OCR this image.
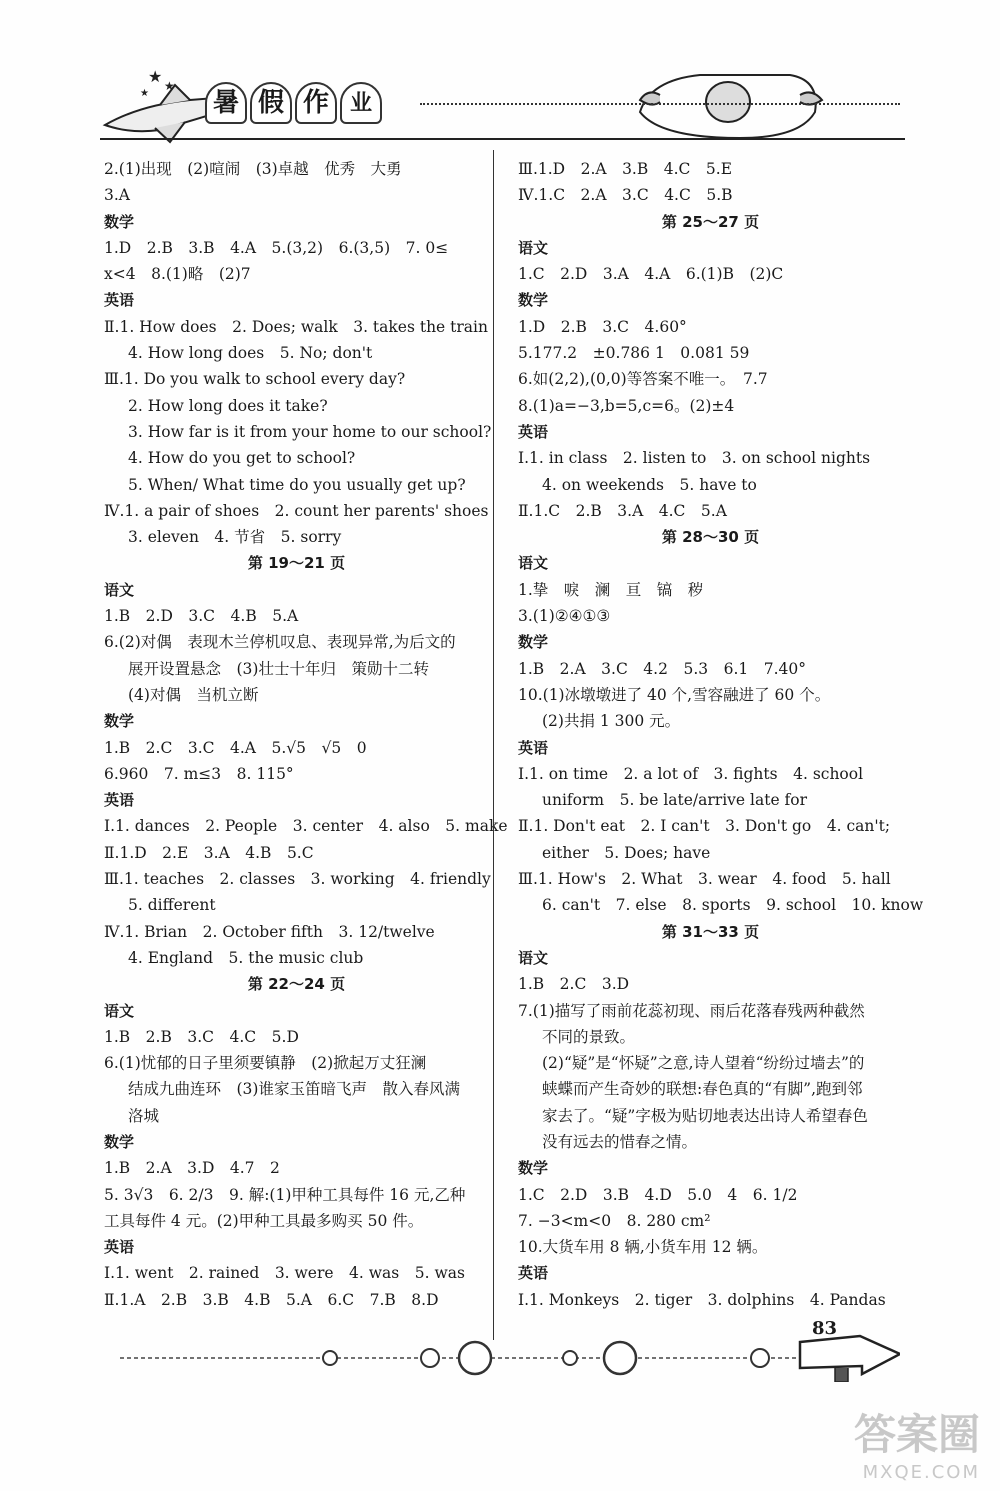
★ ★
★	暑 假 作 业
2.(1)出现　(2)喧闹　(3)卓越　优秀　大勇
3.A
数学
1.D　2.B　3.B　4.A　5.(3,2)　6.(3,5)　7. 0≤
x<4　8.(1)略　(2)7
英语
Ⅱ.1. How does　2. Does; walk　3. takes the train
4. How long does　5. No; don't
Ⅲ.1. Do you walk to school every day?
2. How long does it take?
3. How far is it from your home to our school?
4. How do you get to school?
5. When/ What time do you usually get up?
Ⅳ.1. a pair of shoes　2. count her parents' shoes
3. eleven　4. 节省　5. sorry
第 19～21 页
语文
1.B　2.D　3.C　4.B　5.A
6.(2)对偶　表现木兰停机叹息、表现异常,为后文的
展开设置悬念　(3)壮士十年归　策勋十二转
(4)对偶　当机立断
数学
1.B　2.C　3.C　4.A　5.√5　√5　0
6.960　7. m≤3　8. 115°
英语
Ⅰ.1. dances　2. People　3. center　4. also　5. make
Ⅱ.1.D　2.E　3.A　4.B　5.C
Ⅲ.1. teaches　2. classes　3. working　4. friendly
5. different
Ⅳ.1. Brian　2. October fifth　3. 12/twelve
4. England　5. the music club
第 22～24 页
语文
1.B　2.B　3.C　4.C　5.D
6.(1)忧郁的日子里须要镇静　(2)掀起万丈狂澜
结成九曲连环　(3)谁家玉笛暗飞声　散入春风满
洛城
数学
1.B　2.A　3.D　4.7　2
5. 3√3　6. 2/3　9. 解:(1)甲种工具每件 16 元,乙种
工具每件 4 元。(2)甲种工具最多购买 50 件。
英语
Ⅰ.1. went　2. rained　3. were　4. was　5. was
Ⅱ.1.A　2.B　3.B　4.B　5.A　6.C　7.B　8.D
Ⅲ.1.D　2.A　3.B　4.C　5.E
Ⅳ.1.C　2.A　3.C　4.C　5.B
第 25～27 页
语文
1.C　2.D　3.A　4.A　6.(1)B　(2)C
数学
1.D　2.B　3.C　4.60°
5.177.2　±0.786 1　0.081 59
6.如(2,2),(0,0)等答案不唯一。　7.7
8.(1)a=−3,b=5,c=6。(2)±4
英语
Ⅰ.1. in class　2. listen to　3. on school nights
4. on weekends　5. have to
Ⅱ.1.C　2.B　3.A　4.C　5.A
第 28～30 页
语文
1.挚　唳　澜　亘　镐　秽
3.(1)②④①③
数学
1.B　2.A　3.C　4.2　5.3　6.1　7.40°
10.(1)冰墩墩进了 40 个,雪容融进了 60 个。
(2)共捐 1 300 元。
英语
Ⅰ.1. on time　2. a lot of　3. fights　4. school
uniform　5. be late/arrive late for
Ⅱ.1. Don't eat　2. I can't　3. Don't go　4. can't;
either　5. Does; have
Ⅲ.1. How's　2. What　3. wear　4. food　5. hall
6. can't　7. else　8. sports　9. school　10. know
第 31～33 页
语文
1.B　2.C　3.D
7.(1)描写了雨前花蕊初现、雨后花落春残两种截然
不同的景致。
(2)“疑”是“怀疑”之意,诗人望着“纷纷过墙去”的
蛱蝶而产生奇妙的联想:春色真的“有脚”,跑到邻
家去了。“疑”字极为贴切地表达出诗人希望春色
没有远去的惜春之情。
数学
1.C　2.D　3.B　4.D　5.0　4　6. 1/2
7. −3<m<0　8. 280 cm²
10.大货车用 8 辆,小货车用 12 辆。
英语
Ⅰ.1. Monkeys　2. tiger　3. dolphins　4. Pandas
83
答案圈
MXQE.COM
